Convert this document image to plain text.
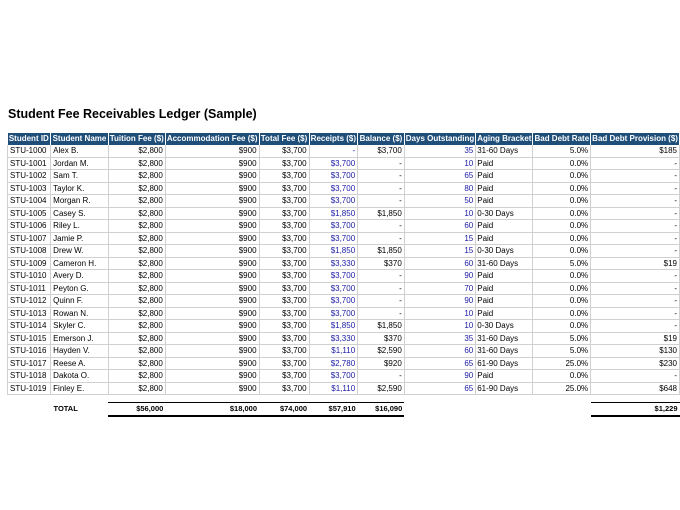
Student Fee Receivables Ledger (Sample)
Student ID	Student Name	Tuition Fee ($)	Accommodation Fee ($)	Total Fee ($)	Receipts ($)	Balance ($)	Days Outstanding	Aging Bracket	Bad Debt Rate	Bad Debt Provision ($)
STU-1000	Alex B.	$2,800	$900	$3,700	-	$3,700	35	31-60 Days	5.0%	$185
STU-1001	Jordan M.	$2,800	$900	$3,700	$3,700	-	10	Paid	0.0%	-
STU-1002	Sam T.	$2,800	$900	$3,700	$3,700	-	65	Paid	0.0%	-
STU-1003	Taylor K.	$2,800	$900	$3,700	$3,700	-	80	Paid	0.0%	-
STU-1004	Morgan R.	$2,800	$900	$3,700	$3,700	-	50	Paid	0.0%	-
STU-1005	Casey S.	$2,800	$900	$3,700	$1,850	$1,850	10	0-30 Days	0.0%	-
STU-1006	Riley L.	$2,800	$900	$3,700	$3,700	-	60	Paid	0.0%	-
STU-1007	Jamie P.	$2,800	$900	$3,700	$3,700	-	15	Paid	0.0%	-
STU-1008	Drew W.	$2,800	$900	$3,700	$1,850	$1,850	15	0-30 Days	0.0%	-
STU-1009	Cameron H.	$2,800	$900	$3,700	$3,330	$370	60	31-60 Days	5.0%	$19
STU-1010	Avery D.	$2,800	$900	$3,700	$3,700	-	90	Paid	0.0%	-
STU-1011	Peyton G.	$2,800	$900	$3,700	$3,700	-	70	Paid	0.0%	-
STU-1012	Quinn F.	$2,800	$900	$3,700	$3,700	-	90	Paid	0.0%	-
STU-1013	Rowan N.	$2,800	$900	$3,700	$3,700	-	10	Paid	0.0%	-
STU-1014	Skyler C.	$2,800	$900	$3,700	$1,850	$1,850	10	0-30 Days	0.0%	-
STU-1015	Emerson J.	$2,800	$900	$3,700	$3,330	$370	35	31-60 Days	5.0%	$19
STU-1016	Hayden V.	$2,800	$900	$3,700	$1,110	$2,590	60	31-60 Days	5.0%	$130
STU-1017	Reese A.	$2,800	$900	$3,700	$2,780	$920	65	61-90 Days	25.0%	$230
STU-1018	Dakota O.	$2,800	$900	$3,700	$3,700	-	90	Paid	0.0%	-
STU-1019	Finley E.	$2,800	$900	$3,700	$1,110	$2,590	65	61-90 Days	25.0%	$648

TOTAL		$56,000	$18,000	$74,000	$57,910	$16,090				$1,229
